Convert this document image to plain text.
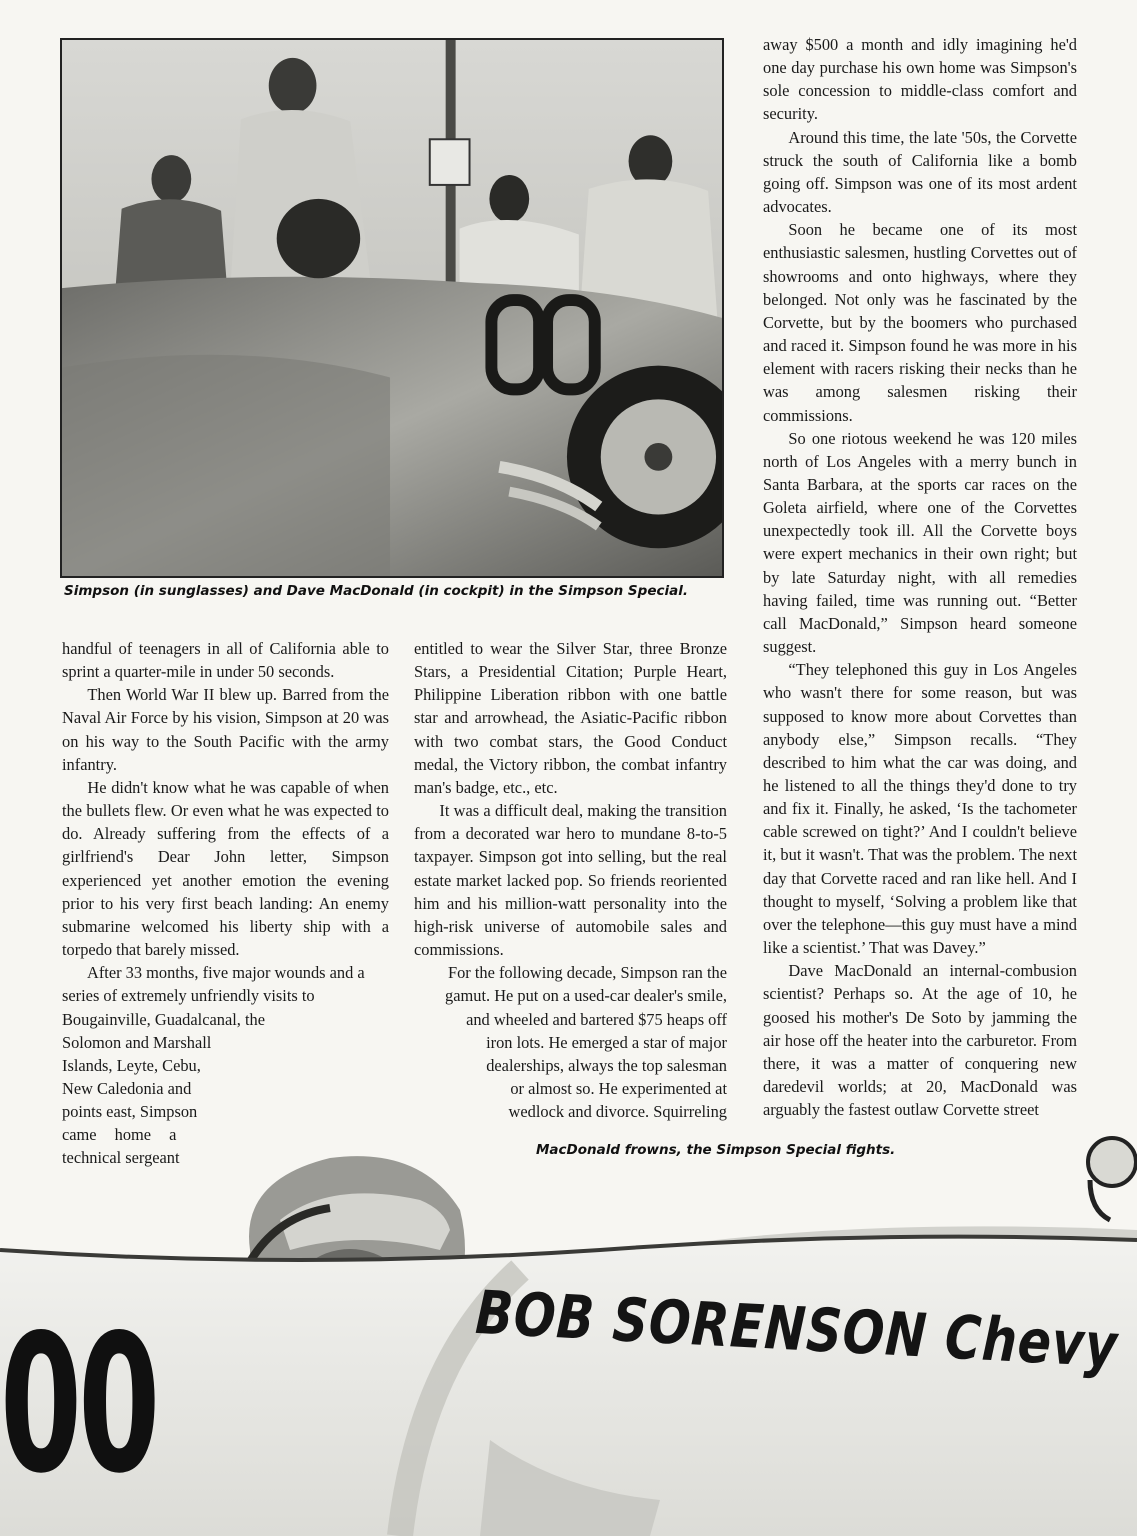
Simpson (in sunglasses) and Dave MacDonald (in cockpit) in the Simpson Special.

away $500 a month and idly imagining he'd one day purchase his own home was Simpson's sole concession to middle-class comfort and security.

Around this time, the late '50s, the Corvette struck the south of California like a bomb going off. Simpson was one of its most ardent advocates.

Soon he became one of its most enthusiastic salesmen, hustling Corvettes out of showrooms and onto highways, where they belonged. Not only was he fascinated by the Corvette, but by the boomers who purchased and raced it. Simpson found he was more in his element with racers risking their necks than he was among salesmen risking their commissions.

So one riotous weekend he was 120 miles north of Los Angeles with a merry bunch in Santa Barbara, at the sports car races on the Goleta airfield, where one of the Corvettes unexpectedly took ill. All the Corvette boys were expert mechanics in their own right; but by late Saturday night, with all remedies having failed, time was running out. “Better call MacDonald,” Simpson heard someone suggest.

“They telephoned this guy in Los Angeles who wasn't there for some reason, but was supposed to know more about Corvettes than anybody else,” Simpson recalls. “They described to him what the car was doing, and he listened to all the things they'd done to try and fix it. Finally, he asked, ‘Is the tachometer cable screwed on tight?’ And I couldn't believe it, but it wasn't. That was the problem. The next day that Corvette raced and ran like hell. And I thought to myself, ‘Solving a problem like that over the telephone—this guy must have a mind like a scientist.’ That was Davey.”

Dave MacDonald an internal-combusion scientist? Perhaps so. At the age of 10, he goosed his mother's De Soto by jamming the air hose off the heater into the carburetor. From there, it was a matter of conquering new daredevil worlds; at 20, MacDonald was arguably the fastest outlaw Corvette street

handful of teenagers in all of California able to sprint a quarter-mile in under 50 seconds.

Then World War II blew up. Barred from the Naval Air Force by his vision, Simpson at 20 was on his way to the South Pacific with the army infantry.

He didn't know what he was capable of when the bullets flew. Or even what he was expected to do. Already suffering from the effects of a girlfriend's Dear John letter, Simpson experienced yet another emotion the evening prior to his very first beach landing: An enemy submarine welcomed his liberty ship with a torpedo that barely missed.

After 33 months, five major wounds and a
series of extremely unfriendly visits to
Bougainville, Guadalcanal, the
Solomon and Marshall
Islands, Leyte, Cebu,
New Caledonia and
points east, Simpson
came home a
technical sergeant

entitled to wear the Silver Star, three Bronze Stars, a Presidential Citation; Purple Heart, Philippine Liberation ribbon with one battle star and arrowhead, the Asiatic-Pacific ribbon with two combat stars, the Good Conduct medal, the Victory ribbon, the combat infantry man's badge, etc., etc.

It was a difficult deal, making the transition from a decorated war hero to mundane 8-to-5 taxpayer. Simpson got into selling, but the real estate market lacked pop. So friends reoriented him and his million-watt personality into the high-risk universe of automobile sales and commissions.

For the following decade, Simpson ran the
gamut. He put on a used-car dealer's smile,
and wheeled and bartered $75 heaps off
iron lots. He emerged a star of major
dealerships, always the top salesman
or almost so. He experimented at
wedlock and divorce. Squirreling

00	BOB SORENSON Chevy
MacDonald frowns, the Simpson Special fights.
